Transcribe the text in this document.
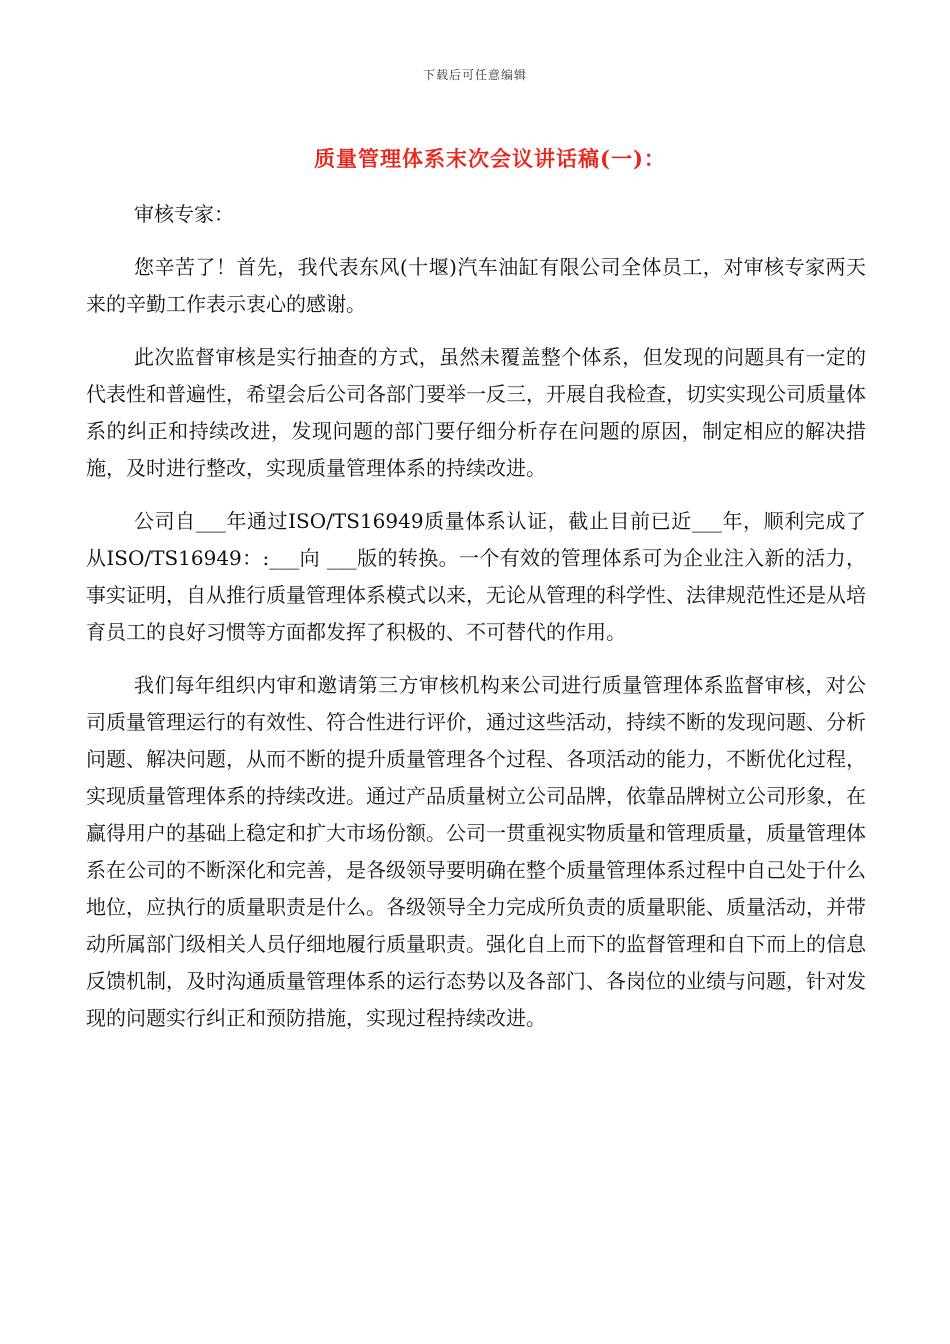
下载后可任意编辑
质量管理体系末次会议讲话稿(一)：

审核专家：

您辛苦了！首先，我代表东风(十堰)汽车油缸有限公司全体员工，对审核专家两天来的辛勤工作表示衷心的感谢。

此次监督审核是实行抽查的方式，虽然未覆盖整个体系，但发现的问题具有一定的代表性和普遍性，希望会后公司各部门要举一反三，开展自我检查，切实实现公司质量体系的纠正和持续改进，发现问题的部门要仔细分析存在问题的原因，制定相应的解决措施，及时进行整改，实现质量管理体系的持续改进。

公司自___年通过ISO/TS16949质量体系认证，截止目前已近___年，顺利完成了从ISO/TS16949：:___向 ___版的转换。一个有效的管理体系可为企业注入新的活力，事实证明，自从推行质量管理体系模式以来，无论从管理的科学性、法律规范性还是从培育员工的良好习惯等方面都发挥了积极的、不可替代的作用。

我们每年组织内审和邀请第三方审核机构来公司进行质量管理体系监督审核，对公司质量管理运行的有效性、符合性进行评价，通过这些活动，持续不断的发现问题、分析问题、解决问题，从而不断的提升质量管理各个过程、各项活动的能力，不断优化过程，实现质量管理体系的持续改进。通过产品质量树立公司品牌，依靠品牌树立公司形象，在赢得用户的基础上稳定和扩大市场份额。公司一贯重视实物质量和管理质量，质量管理体系在公司的不断深化和完善，是各级领导要明确在整个质量管理体系过程中自己处于什么地位，应执行的质量职责是什么。各级领导全力完成所负责的质量职能、质量活动，并带动所属部门级相关人员仔细地履行质量职责。强化自上而下的监督管理和自下而上的信息反馈机制，及时沟通质量管理体系的运行态势以及各部门、各岗位的业绩与问题，针对发现的问题实行纠正和预防措施，实现过程持续改进。
